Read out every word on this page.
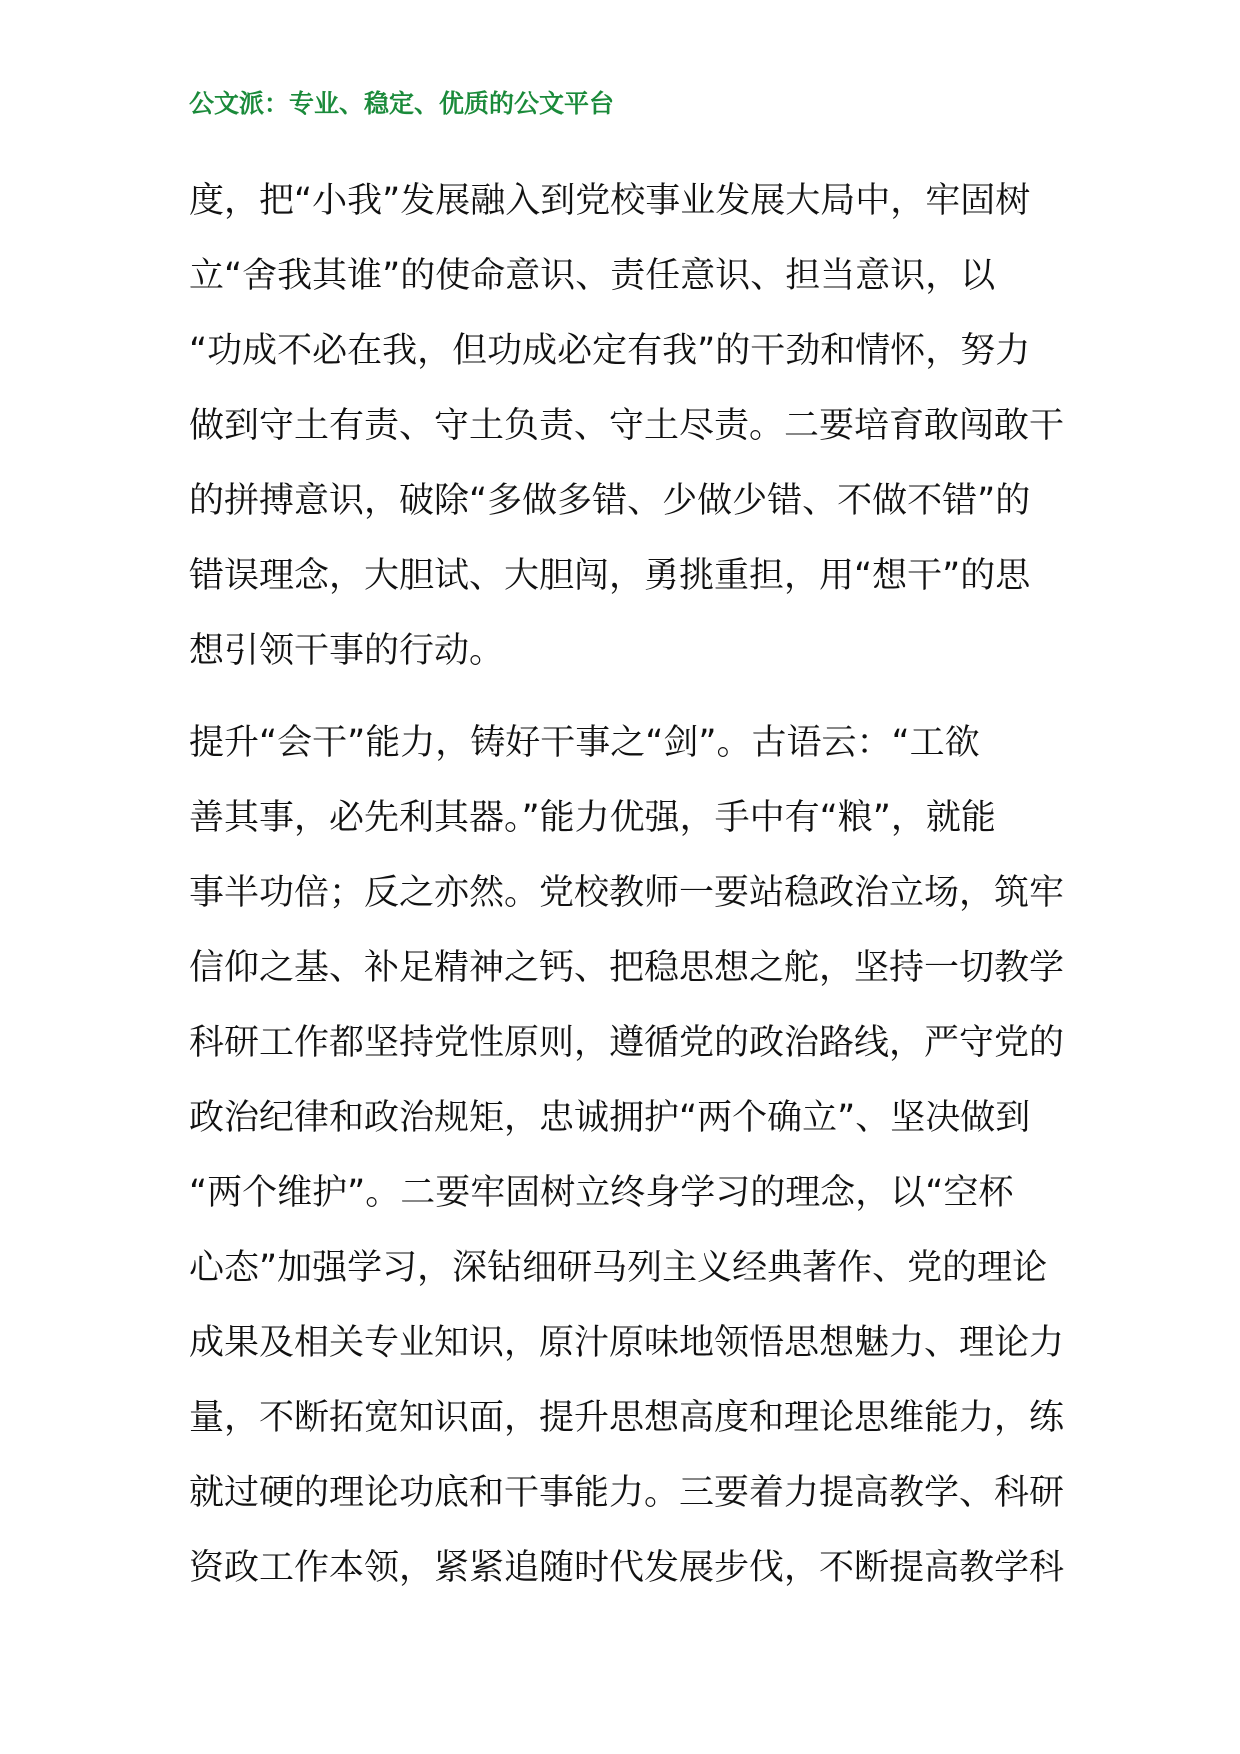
公文派：专业、稳定、优质的公文平台
度，把“小我”发展融入到党校事业发展大局中，牢固树
立“舍我其谁”的使命意识、责任意识、担当意识，以
“功成不必在我，但功成必定有我”的干劲和情怀，努力
做到守土有责、守土负责、守土尽责。二要培育敢闯敢干
的拼搏意识，破除“多做多错、少做少错、不做不错”的
错误理念，大胆试、大胆闯，勇挑重担，用“想干”的思
想引领干事的行动。
提升“会干”能力，铸好干事之“剑”。古语云：“工欲
善其事，必先利其器。”能力优强，手中有“粮”，就能
事半功倍；反之亦然。党校教师一要站稳政治立场，筑牢
信仰之基、补足精神之钙、把稳思想之舵，坚持一切教学
科研工作都坚持党性原则，遵循党的政治路线，严守党的
政治纪律和政治规矩，忠诚拥护“两个确立”、坚决做到
“两个维护”。二要牢固树立终身学习的理念，以“空杯
心态”加强学习，深钻细研马列主义经典著作、党的理论
成果及相关专业知识，原汁原味地领悟思想魅力、理论力
量，不断拓宽知识面，提升思想高度和理论思维能力，练
就过硬的理论功底和干事能力。三要着力提高教学、科研
资政工作本领，紧紧追随时代发展步伐，不断提高教学科
